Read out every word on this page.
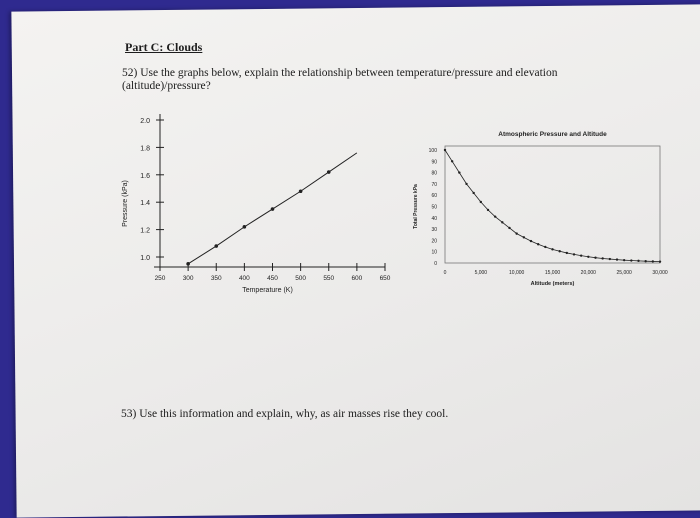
Part C: Clouds
52) Use the graphs below, explain the relationship between temperature/pressure and elevation (altitude)/pressure?
53) Use this information and explain, why, as air masses rise they cool.
1.0
1.2
1.4
1.6
1.8
2.0
250	300	350	400	450	500	550	600	650
Temperature (K)
Pressure (kPa)
Atmospheric Pressure and Altitude
0
10
20
30
40
50
60
70
80
90
100
0	5,000	10,000	15,000	20,000	25,000	30,000
Altitude (meters)
Total Pressure kPa
